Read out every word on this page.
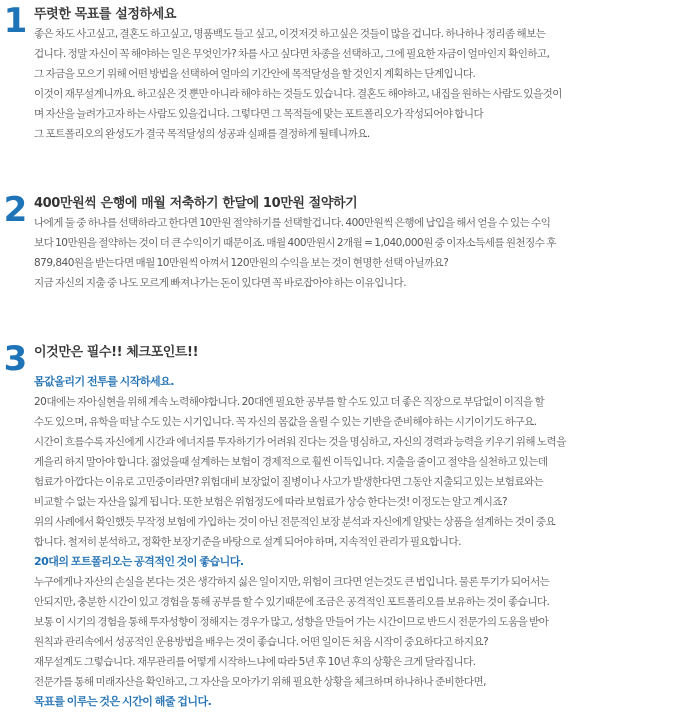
1 뚜렷한 목표를 설정하세요

좋은 차도 사고싶고, 결혼도 하고싶고, 명품백도 들고 싶고, 이것저것 하고싶은 것들이 많을 겁니다. 하나하나 정리좀 해보는

겁니다. 정말 자신이 꼭 해야하는 일은 무엇인가? 차를 사고 싶다면 차종을 선택하고, 그에 필요한 자금이 얼마인지 확인하고,

그 자금을 모으기 위해 어떤 방법을 선택하여 얼마의 기간안에 목적달성을 할 것인지 계획하는 단계입니다.

이것이 재무설계니까요. 하고싶은 것 뿐만 아니라 해야 하는 것들도 있습니다. 결혼도 해야하고, 내집을 원하는 사람도 있을것이

며 자산을 늘려가고자 하는 사람도 있을겁니다. 그렇다면 그 목적들에 맞는 포트폴리오가 작성되어야 합니다

그 포트폴리오의 완성도가 결국 목적달성의 성공과 실패를 결정하게 될테니까요.

2 400만원씩 은행에 매월 저축하기 한달에 10만원 절약하기

나에게 둘 중 하나를 선택하라고 한다면 10만원 절약하기를 선택할겁니다. 400만원씩 은행에 납입을 해서 얻을 수 있는 수익

보다 10만원을 절약하는 것이 더 큰 수익이기 때문이죠. 매월 400만원시 2개월 = 1,040,000원 중 이자소득세를 원천징수 후

879,840원을 받는다면 매월 10만원씩 아껴서 120만원의 수익을 보는 것이 현명한 선택 아닐까요?

지금 자신의 지출 중 나도 모르게 빠져나가는 돈이 있다면 꼭 바로잡아야 하는 이유입니다.

3 이것만은 필수!! 체크포인트!!

몸값올리기 전투를 시작하세요.

20대에는 자아실현을 위해 계속 노력해야합니다. 20대엔 필요한 공부를 할 수도 있고 더 좋은 직장으로 부담없이 이직을 할

수도 있으며, 유학을 떠날 수도 있는 시기입니다. 꼭 자신의 몸값을 올릴 수 있는 기반을 준비해야 하는 시기이기도 하구요.

시간이 흐를수록 자신에게 시간과 에너지를 투자하기가 어려워 진다는 것을 명심하고, 자신의 경력과 능력을 키우기 위해 노력을

게을리 하지 말아야 합니다. 젊었을때 설계하는 보험이 경제적으로 훨씬 이득입니다. 지출을 줄이고 절약을 실천하고 있는데

험료가 아깝다는 이유로 고민중이라면? 위험대비 보장없이 질병이나 사고가 발생한다면 그동안 지출되고 있는 보험료와는

비교할 수 없는 자산을 잃게 됩니다. 또한 보험은 위험정도에 따라 보험료가 상승 한다는것! 이정도는 알고 계시죠?

위의 사례에서 확인했듯 무작정 보험에 가입하는 것이 아닌 전문적인 보장 분석과 자신에게 알맞는 상품을 설계하는 것이 중요

합니다. 철저히 분석하고, 정확한 보장기준을 바탕으로 설계 되어야 하며, 지속적인 관리가 필요합니다.

20대의 포트폴리오는 공격적인 것이 좋습니다.

누구에게나 자산의 손실을 본다는 것은 생각하지 싫은 일이지만, 위험이 크다면 얻는것도 큰 법입니다. 물론 투기가 되어서는

안되지만, 충분한 시간이 있고 경험을 통해 공부를 할 수 있기때문에 조금은 공격적인 포트폴리오를 보유하는 것이 좋습니다.

보통 이 시기의 경험을 통해 투자성향이 정해지는 경우가 많고, 성향을 만들어 가는 시간이므로 반드시 전문가의 도움을 받아

원칙과 관리속에서 성공적인 운용방법을 배우는 것이 좋습니다. 어떤 일이든 처음 시작이 중요하다고 하지요?

재무설계도 그렇습니다. 재무관리를 어떻게 시작하느냐에 따라 5년 후 10년 후의 상황은 크게 달라집니다.

전문가를 통해 미래자산을 확인하고, 그 자산을 모아가기 위해 필요한 상황을 체크하며 하나하나 준비한다면,

목표를 이루는 것은 시간이 해줄 겁니다.
